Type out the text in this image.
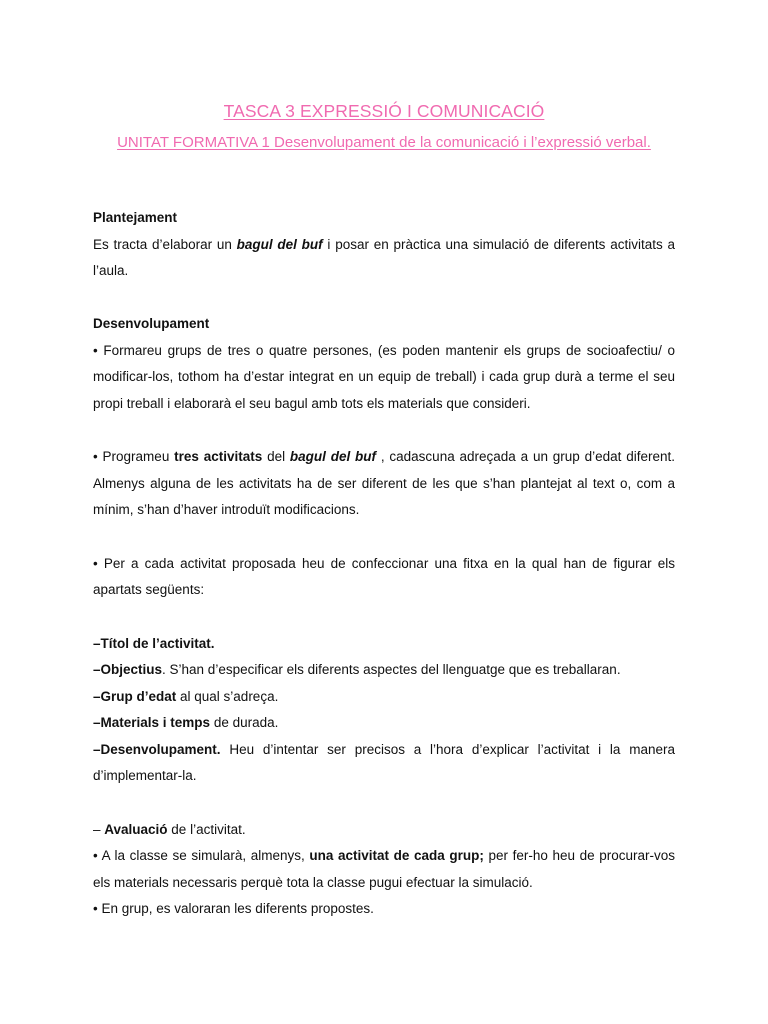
TASCA 3 EXPRESSIÓ I COMUNICACIÓ
UNITAT FORMATIVA 1 Desenvolupament de la comunicació i l’expressió verbal.

Plantejament

Es tracta d’elaborar un bagul del buf i posar en pràctica una simulació de diferents activitats a l’aula.

Desenvolupament

• Formareu grups de tres o quatre persones, (es poden mantenir els grups de socioafectiu/ o modificar-los, tothom ha d’estar integrat en un equip de treball) i cada grup durà a terme el seu propi treball i elaborarà el seu bagul amb tots els materials que consideri.

• Programeu tres activitats del bagul del buf , cadascuna adreçada a un grup d’edat diferent. Almenys alguna de les activitats ha de ser diferent de les que s’han plantejat al text o, com a mínim, s’han d’haver introduït modificacions.

• Per a cada activitat proposada heu de confeccionar una fitxa en la qual han de figurar els apartats següents:

–Títol de l’activitat.

–Objectius. S’han d’especificar els diferents aspectes del llenguatge que es treballaran.

–Grup d’edat al qual s’adreça.

–Materials i temps de durada.

–Desenvolupament. Heu d’intentar ser precisos a l’hora d’explicar l’activitat i la manera d’implementar-la.

– Avaluació de l’activitat.

• A la classe se simularà, almenys, una activitat de cada grup; per fer-ho heu de procurar-vos els materials necessaris perquè tota la classe pugui efectuar la simulació.

• En grup, es valoraran les diferents propostes.
